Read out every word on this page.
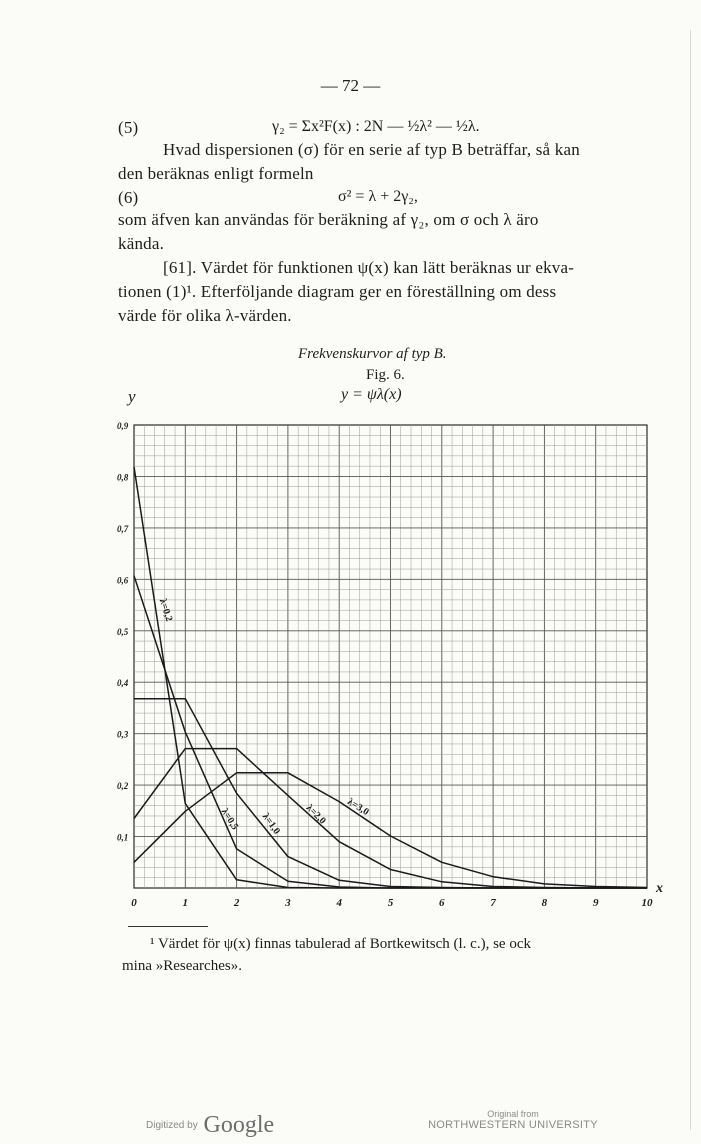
— 72 —
(5)	γ₂ = Σx²F(x) : 2N — ½λ² — ½λ.
Hvad dispersionen (σ) för en serie af typ B beträffar, så kan
den beräknas enligt formeln
(6)	σ² = λ + 2γ₂,
som äfven kan användas för beräkning af γ₂, om σ och λ äro
kända.
[61]. Värdet för funktionen ψ(x) kan lätt beräknas ur ekva-
tionen (1)¹. Efterföljande diagram ger en föreställning om dess
värde för olika λ-värden.
Frekvenskurvor af typ B.
Fig. 6.
y = ψλ(x)
y
x
0	1	2	3	4	5	6	7	8	9	10
0,1
0,2
0,3
0,4
0,5
0,6
0,7
0,8
0,9
λ=0,2
λ=0,5 λ=1,0 λ=2,0 λ=3,0
¹ Värdet för ψ(x) finnas tabulerad af Bortkewitsch (l. c.), se ock
mina »Researches».
Digitized by Google	Original from
NORTHWESTERN UNIVERSITY
